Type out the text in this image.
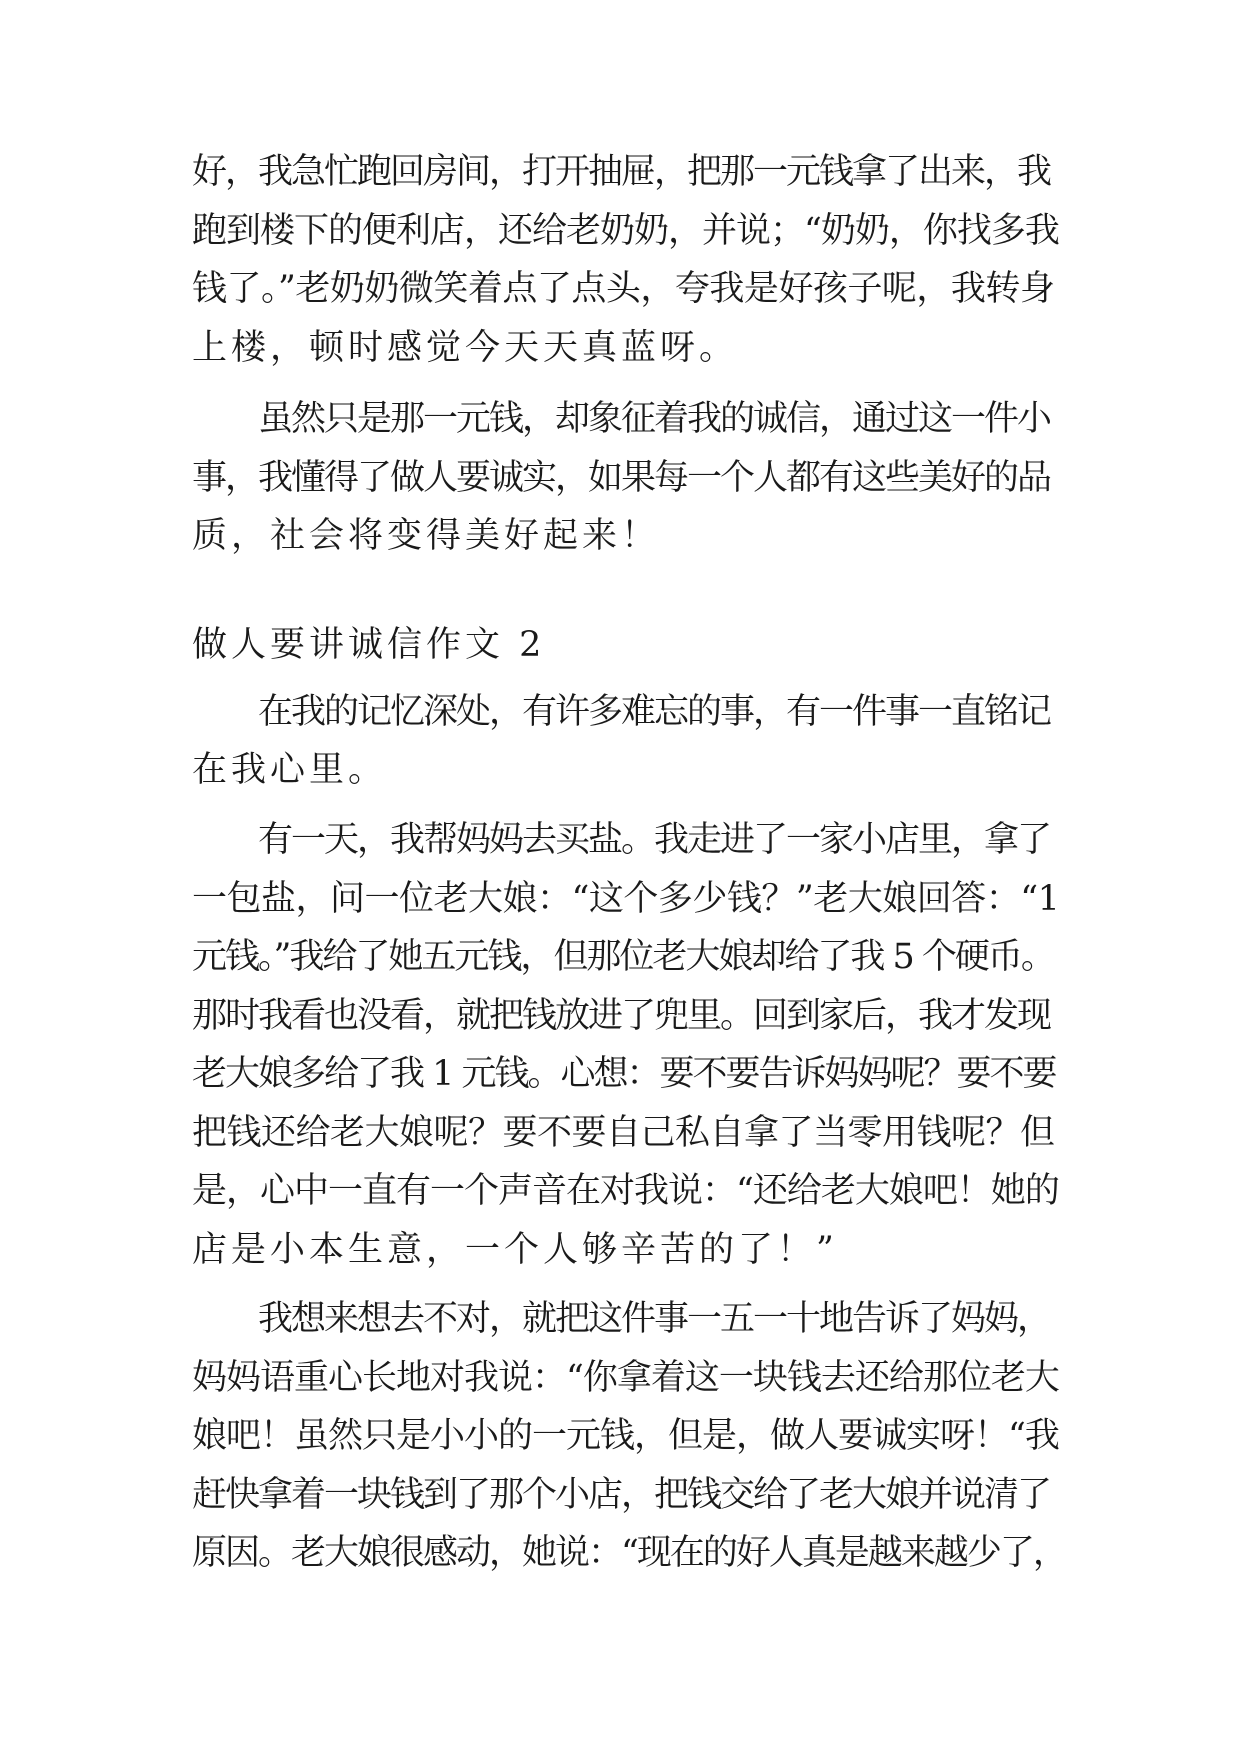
好，我急忙跑回房间，打开抽屉，把那一元钱拿了出来，我
跑到楼下的便利店，还给老奶奶，并说；“奶奶，你找多我
钱了。”老奶奶微笑着点了点头，夸我是好孩子呢，我转身
上楼，顿时感觉今天天真蓝呀。
虽然只是那一元钱，却象征着我的诚信，通过这一件小
事，我懂得了做人要诚实，如果每一个人都有这些美好的品
质，社会将变得美好起来！
做人要讲诚信作文 2
在我的记忆深处，有许多难忘的事，有一件事一直铭记
在我心里。
有一天，我帮妈妈去买盐。我走进了一家小店里，拿了
一包盐，问一位老大娘：“这个多少钱？”老大娘回答：“1
元钱。”我给了她五元钱，但那位老大娘却给了我 5 个硬币。
那时我看也没看，就把钱放进了兜里。回到家后，我才发现
老大娘多给了我 1 元钱。心想：要不要告诉妈妈呢？要不要
把钱还给老大娘呢？要不要自己私自拿了当零用钱呢？但
是，心中一直有一个声音在对我说：“还给老大娘吧！她的
店是小本生意，一个人够辛苦的了！”
我想来想去不对，就把这件事一五一十地告诉了妈妈，
妈妈语重心长地对我说：“你拿着这一块钱去还给那位老大
娘吧！虽然只是小小的一元钱，但是，做人要诚实呀！“我
赶快拿着一块钱到了那个小店，把钱交给了老大娘并说清了
原因。老大娘很感动，她说：“现在的好人真是越来越少了，
